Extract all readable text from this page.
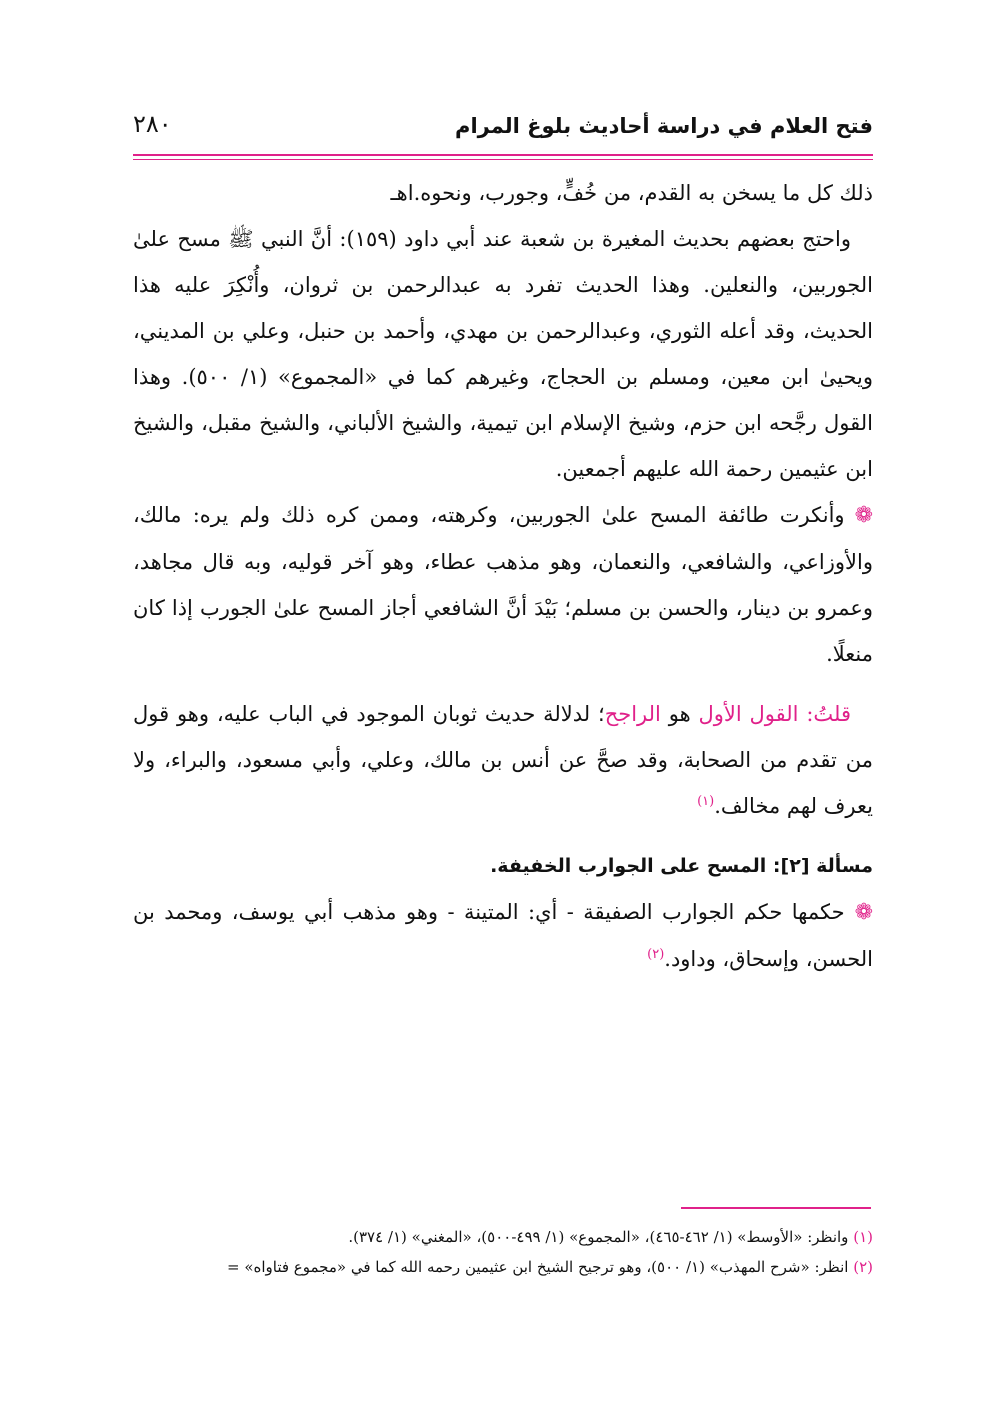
فتح العلام في دراسة أحاديث بلوغ المرام
٢٨٠

ذلك كل ما يسخن به القدم، من خُفٍّ، وجورب، ونحوه.اهـ

واحتج بعضهم بحديث المغيرة بن شعبة عند أبي داود (١٥٩): أنَّ النبي ﷺ مسح علىٰ الجوربين، والنعلين. وهذا الحديث تفرد به عبدالرحمن بن ثروان، وأُنْكِرَ عليه هذا الحديث، وقد أعله الثوري، وعبدالرحمن بن مهدي، وأحمد بن حنبل، وعلي بن المديني، ويحيىٰ ابن معين، ومسلم بن الحجاج، وغيرهم كما في «المجموع» (١/ ٥٠٠). وهذا القول رجَّحه ابن حزم، وشيخ الإسلام ابن تيمية، والشيخ الألباني، والشيخ مقبل، والشيخ ابن عثيمين رحمة الله عليهم أجمعين.

❁وأنكرت طائفة المسح علىٰ الجوربين، وكرهته، وممن كره ذلك ولم يره: مالك، والأوزاعي، والشافعي، والنعمان، وهو مذهب عطاء، وهو آخر قوليه، وبه قال مجاهد، وعمرو بن دينار، والحسن بن مسلم؛ بَيْدَ أنَّ الشافعي أجاز المسح علىٰ الجورب إذا كان منعلًا.

قلتُ: القول الأول هو الراجح؛ لدلالة حديث ثوبان الموجود في الباب عليه، وهو قول من تقدم من الصحابة، وقد صحَّ عن أنس بن مالك، وعلي، وأبي مسعود، والبراء، ولا يعرف لهم مخالف.$^{(١)}$

مسألة [٢]: المسح على الجوارب الخفيفة.

❁حكمها حكم الجوارب الصفيقة - أي: المتينة - وهو مذهب أبي يوسف، ومحمد بن الحسن، وإسحاق، وداود.$^{(٢)}$

(١) وانظر: «الأوسط» (١/ ٤٦٢-٤٦٥)، «المجموع» (١/ ٤٩٩-٥٠٠)، «المغني» (١/ ٣٧٤).

(٢) انظر: «شرح المهذب» (١/ ٥٠٠)، وهو ترجيح الشيخ ابن عثيمين رحمه الله كما في «مجموع فتاواه» =
